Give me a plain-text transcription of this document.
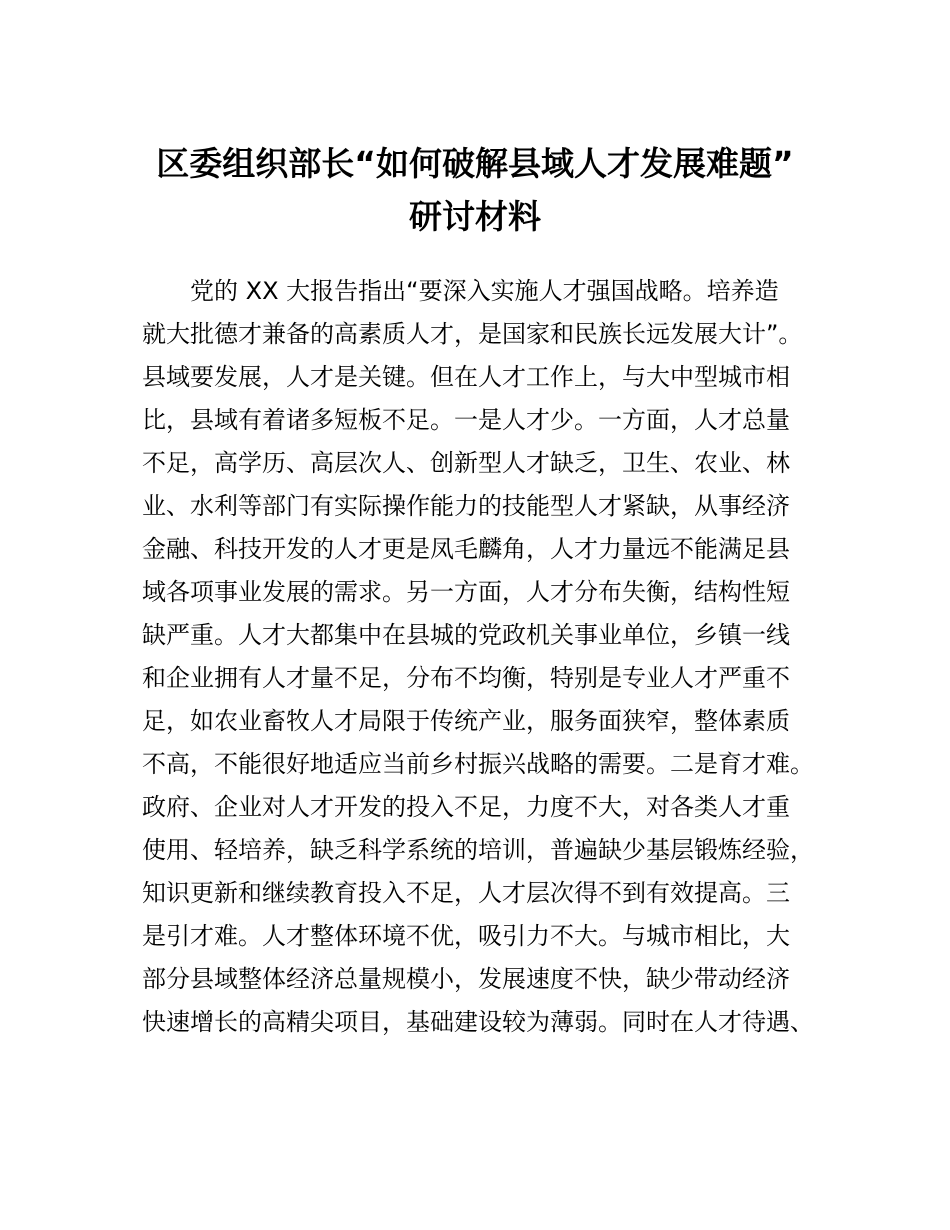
区委组织部长“如何破解县域人才发展难题”
研讨材料

党的 XX 大报告指出“要深入实施人才强国战略。培养造

就大批德才兼备的高素质人才，是国家和民族长远发展大计”。

县域要发展，人才是关键。但在人才工作上，与大中型城市相

比，县域有着诸多短板不足。一是人才少。一方面，人才总量

不足，高学历、高层次人、创新型人才缺乏，卫生、农业、林

业、水利等部门有实际操作能力的技能型人才紧缺，从事经济

金融、科技开发的人才更是凤毛麟角，人才力量远不能满足县

域各项事业发展的需求。另一方面，人才分布失衡，结构性短

缺严重。人才大都集中在县城的党政机关事业单位，乡镇一线

和企业拥有人才量不足，分布不均衡，特别是专业人才严重不

足，如农业畜牧人才局限于传统产业，服务面狭窄，整体素质

不高，不能很好地适应当前乡村振兴战略的需要。二是育才难。

政府、企业对人才开发的投入不足，力度不大，对各类人才重

使用、轻培养，缺乏科学系统的培训，普遍缺少基层锻炼经验，

知识更新和继续教育投入不足，人才层次得不到有效提高。三

是引才难。人才整体环境不优，吸引力不大。与城市相比，大

部分县域整体经济总量规模小，发展速度不快，缺少带动经济

快速增长的高精尖项目，基础建设较为薄弱。同时在人才待遇、
